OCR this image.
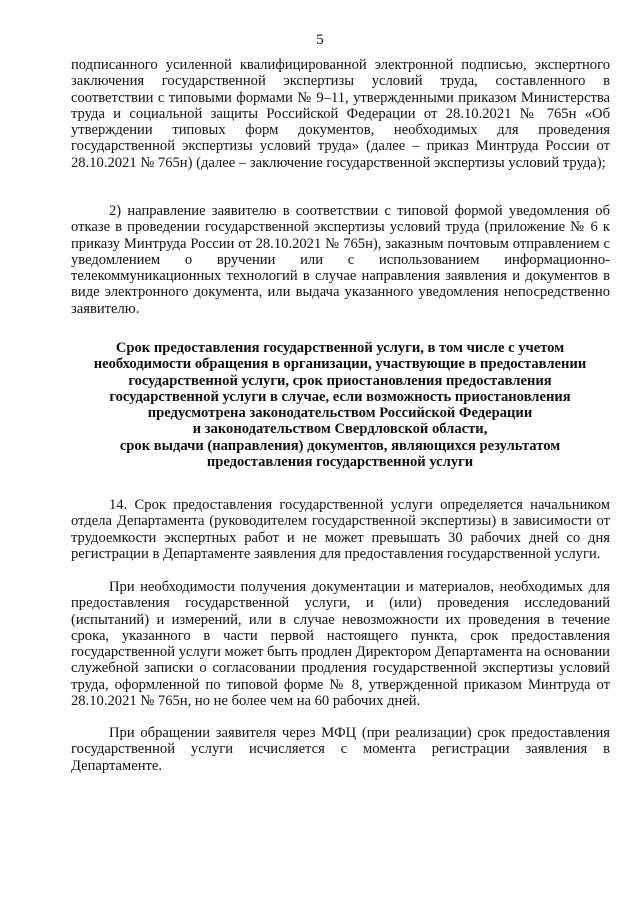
5

подписанного усиленной квалифицированной электронной подписью, экспертного заключения государственной экспертизы условий труда, составленного в соответствии с типовыми формами № 9–11, утвержденными приказом Министерства труда и социальной защиты Российской Федерации от 28.10.2021 № 765н «Об утверждении типовых форм документов, необходимых для проведения государственной экспертизы условий труда» (далее – приказ Минтруда России от 28.10.2021 № 765н) (далее – заключение государственной экспертизы условий труда);

2) направление заявителю в соответствии с типовой формой уведомления об отказе в проведении государственной экспертизы условий труда (приложение № 6 к приказу Минтруда России от 28.10.2021 № 765н), заказным почтовым отправлением с уведомлением о вручении или с использованием информационно-телекоммуникационных технологий в случае направления заявления и документов в виде электронного документа, или выдача указанного уведомления непосредственно заявителю.

Срок предоставления государственной услуги, в том числе с учетом
необходимости обращения в организации, участвующие в предоставлении
государственной услуги, срок приостановления предоставления
государственной услуги в случае, если возможность приостановления
предусмотрена законодательством Российской Федерации
и законодательством Свердловской области,
срок выдачи (направления) документов, являющихся результатом
предоставления государственной услуги

14. Срок предоставления государственной услуги определяется начальником отдела Департамента (руководителем государственной экспертизы) в зависимости от трудоемкости экспертных работ и не может превышать 30 рабочих дней со дня регистрации в Департаменте заявления для предоставления государственной услуги.

При необходимости получения документации и материалов, необходимых для предоставления государственной услуги, и (или) проведения исследований (испытаний) и измерений, или в случае невозможности их проведения в течение срока, указанного в части первой настоящего пункта, срок предоставления государственной услуги может быть продлен Директором Департамента на основании служебной записки о согласовании продления государственной экспертизы условий труда, оформленной по типовой форме № 8, утвержденной приказом Минтруда от 28.10.2021 № 765н, но не более чем на 60 рабочих дней.

При обращении заявителя через МФЦ (при реализации) срок предоставления государственной услуги исчисляется с момента регистрации заявления в Департаменте.
